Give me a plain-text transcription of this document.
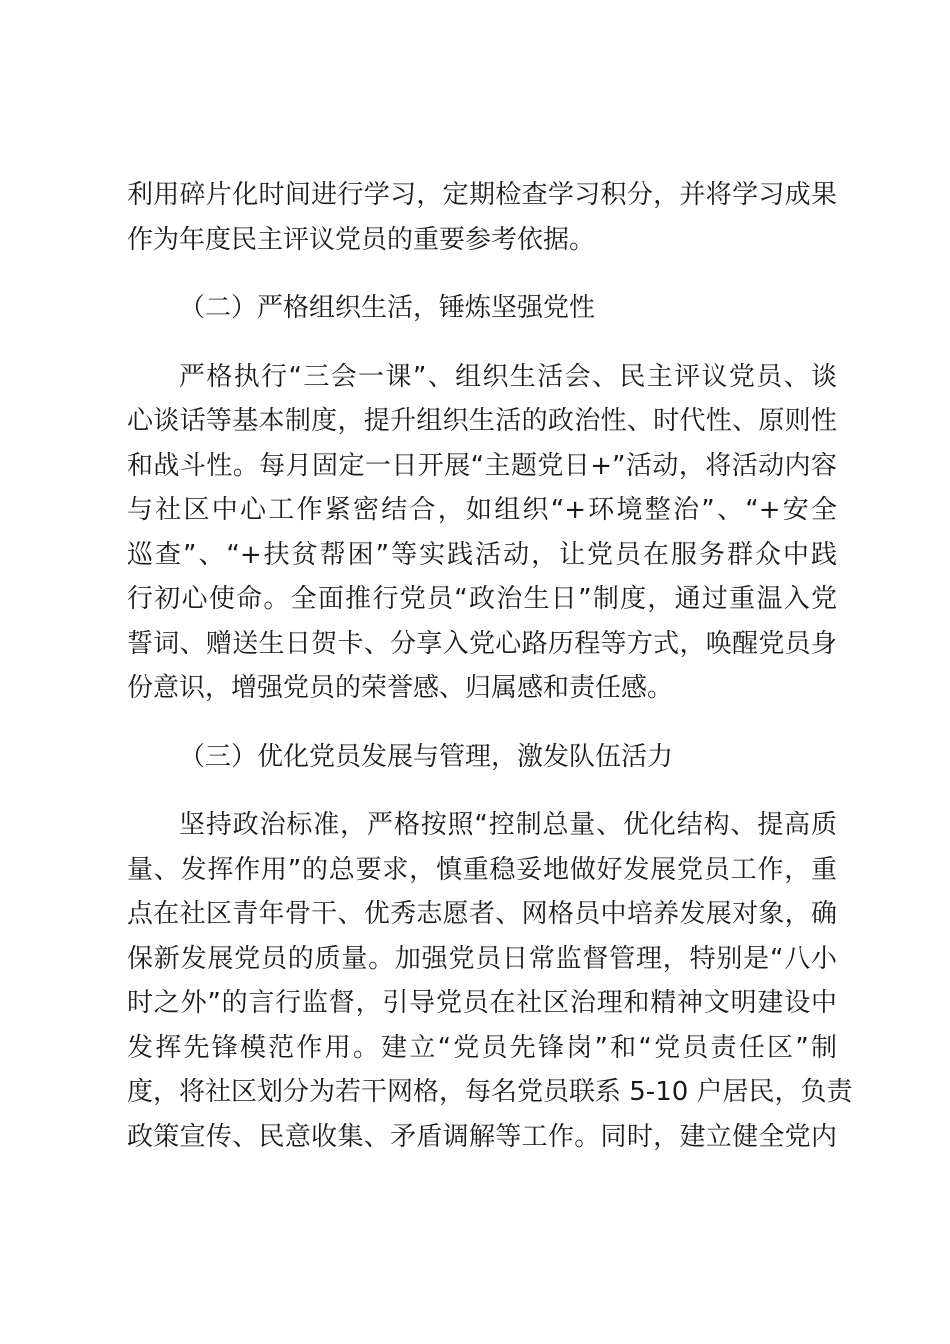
利用碎片化时间进行学习，定期检查学习积分，并将学习成果
作为年度民主评议党员的重要参考依据。
（二）严格组织生活，锤炼坚强党性
严格执行“三会一课”、组织生活会、民主评议党员、谈
心谈话等基本制度，提升组织生活的政治性、时代性、原则性
和战斗性。每月固定一日开展“主题党日+”活动，将活动内容
与社区中心工作紧密结合，如组织“+环境整治”、“+安全
巡查”、“+扶贫帮困”等实践活动，让党员在服务群众中践
行初心使命。全面推行党员“政治生日”制度，通过重温入党
誓词、赠送生日贺卡、分享入党心路历程等方式，唤醒党员身
份意识，增强党员的荣誉感、归属感和责任感。
（三）优化党员发展与管理，激发队伍活力
坚持政治标准，严格按照“控制总量、优化结构、提高质
量、发挥作用”的总要求，慎重稳妥地做好发展党员工作，重
点在社区青年骨干、优秀志愿者、网格员中培养发展对象，确
保新发展党员的质量。加强党员日常监督管理，特别是“八小
时之外”的言行监督，引导党员在社区治理和精神文明建设中
发挥先锋模范作用。建立“党员先锋岗”和“党员责任区”制
度，将社区划分为若干网格，每名党员联系 5-10 户居民，负责
政策宣传、民意收集、矛盾调解等工作。同时，建立健全党内
